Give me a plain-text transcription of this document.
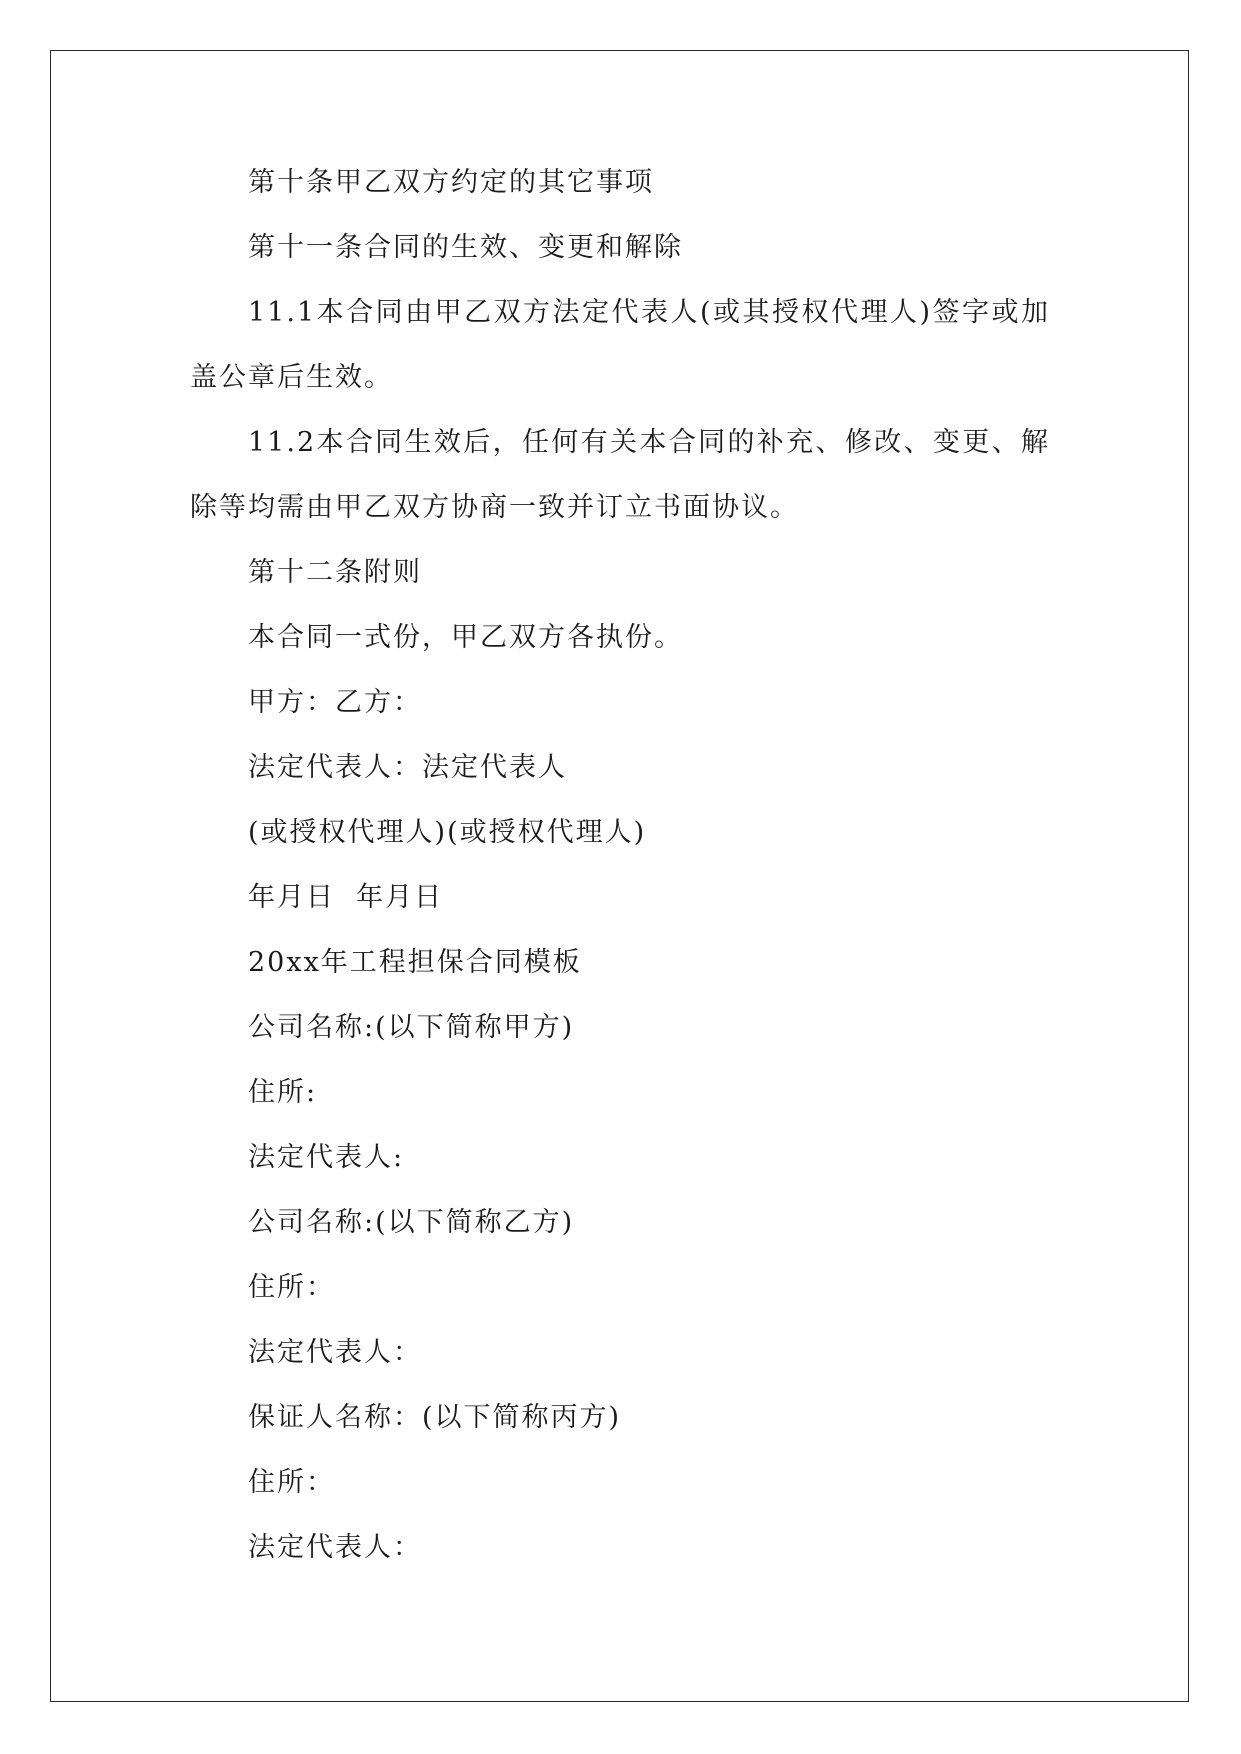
第十条甲乙双方约定的其它事项
第十一条合同的生效、变更和解除
11.1本合同由甲乙双方法定代表人(或其授权代理人)签字或加
盖公章后生效。
11.2本合同生效后，任何有关本合同的补充、修改、变更、解
除等均需由甲乙双方协商一致并订立书面协议。
第十二条附则
本合同一式份，甲乙双方各执份。
甲方：乙方：
法定代表人：法定代表人
(或授权代理人)(或授权代理人)
年月日  年月日
20xx年工程担保合同模板
公司名称:(以下简称甲方)
住所:
法定代表人:
公司名称:(以下简称乙方)
住所：
法定代表人：
保证人名称：(以下简称丙方)
住所：
法定代表人：
